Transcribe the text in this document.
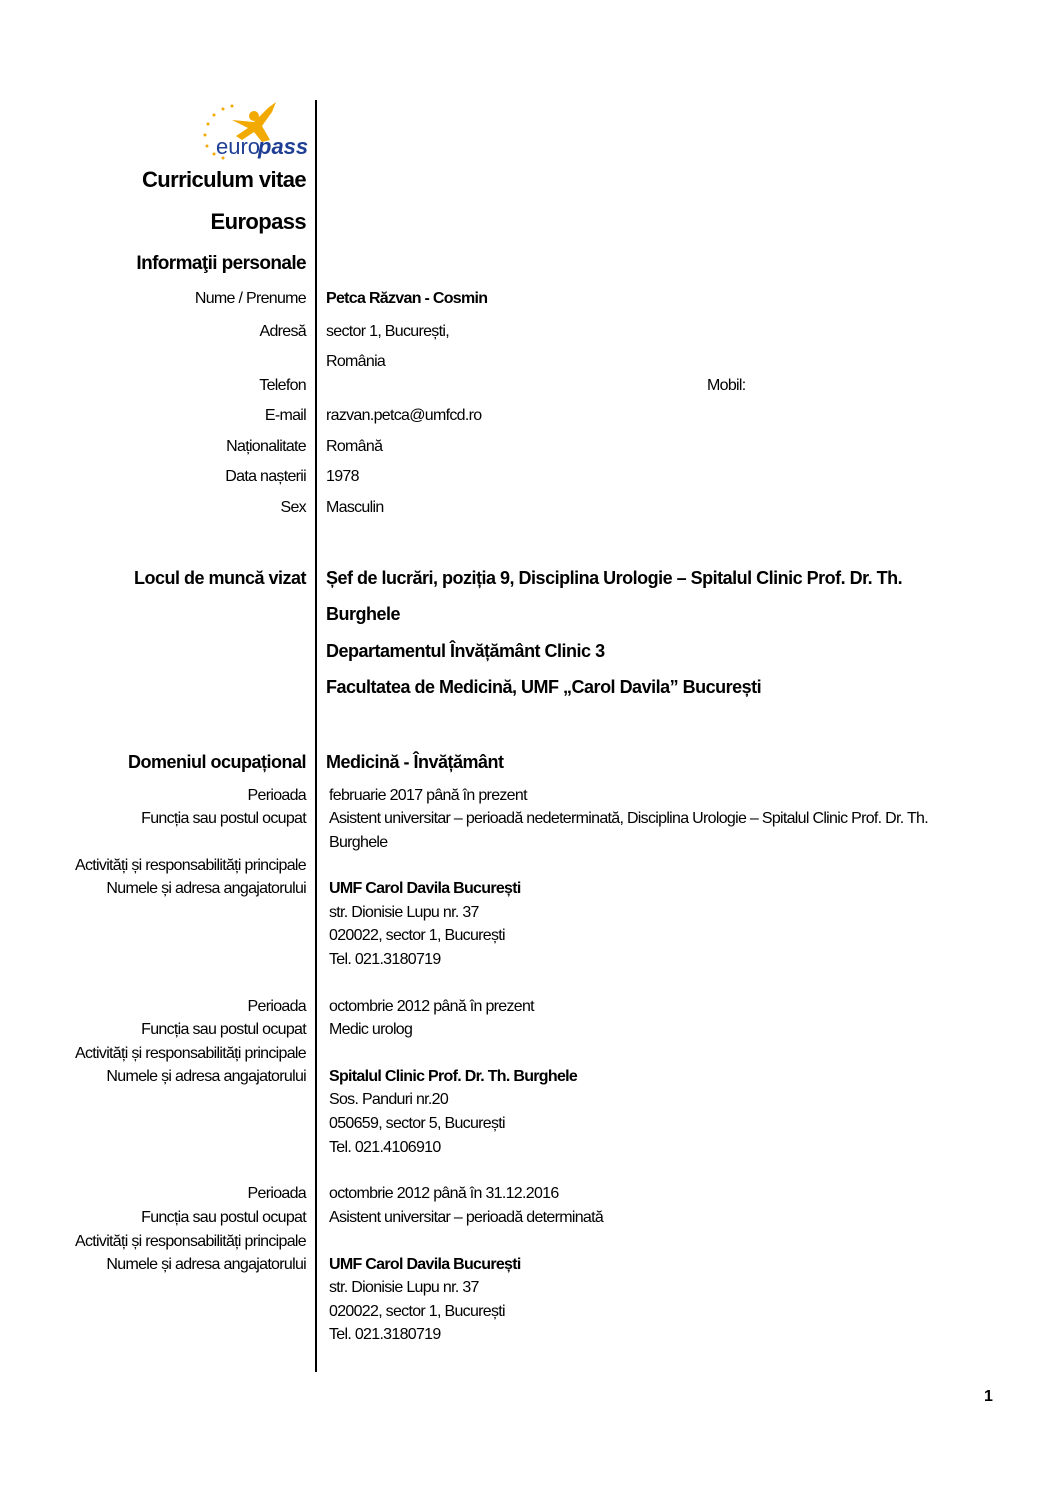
euro
pass
Curriculum vitae
Europass
Informaţii personale
Nume / Prenume Petca Răzvan - Cosmin
Adresă sector 1, București,
România
Telefon	Mobil:
E-mail razvan.petca@umfcd.ro
Naționalitate Română
Data nașterii 1978
Sex Masculin
Locul de muncă vizat Șef de lucrări, poziția 9, Disciplina Urologie – Spitalul Clinic Prof. Dr. Th.
Burghele
Departamentul Învățământ Clinic 3
Facultatea de Medicină, UMF „Carol Davila” București
Domeniul ocupațional Medicină - Învățământ
Perioada februarie 2017 până în prezent
Funcția sau postul ocupat Asistent universitar – perioadă nedeterminată, Disciplina Urologie – Spitalul Clinic Prof. Dr. Th.
Burghele
Activități și responsabilități principale
Numele și adresa angajatorului UMF Carol Davila București
str. Dionisie Lupu nr. 37
020022, sector 1, București
Tel. 021.3180719
Perioada octombrie 2012 până în prezent
Funcția sau postul ocupat Medic urolog
Activități și responsabilități principale
Numele și adresa angajatorului Spitalul Clinic Prof. Dr. Th. Burghele
Sos. Panduri nr.20
050659, sector 5, București
Tel. 021.4106910
Perioada octombrie 2012 până în 31.12.2016
Funcția sau postul ocupat Asistent universitar – perioadă determinată
Activități și responsabilități principale
Numele și adresa angajatorului UMF Carol Davila București
str. Dionisie Lupu nr. 37
020022, sector 1, București
Tel. 021.3180719
1
